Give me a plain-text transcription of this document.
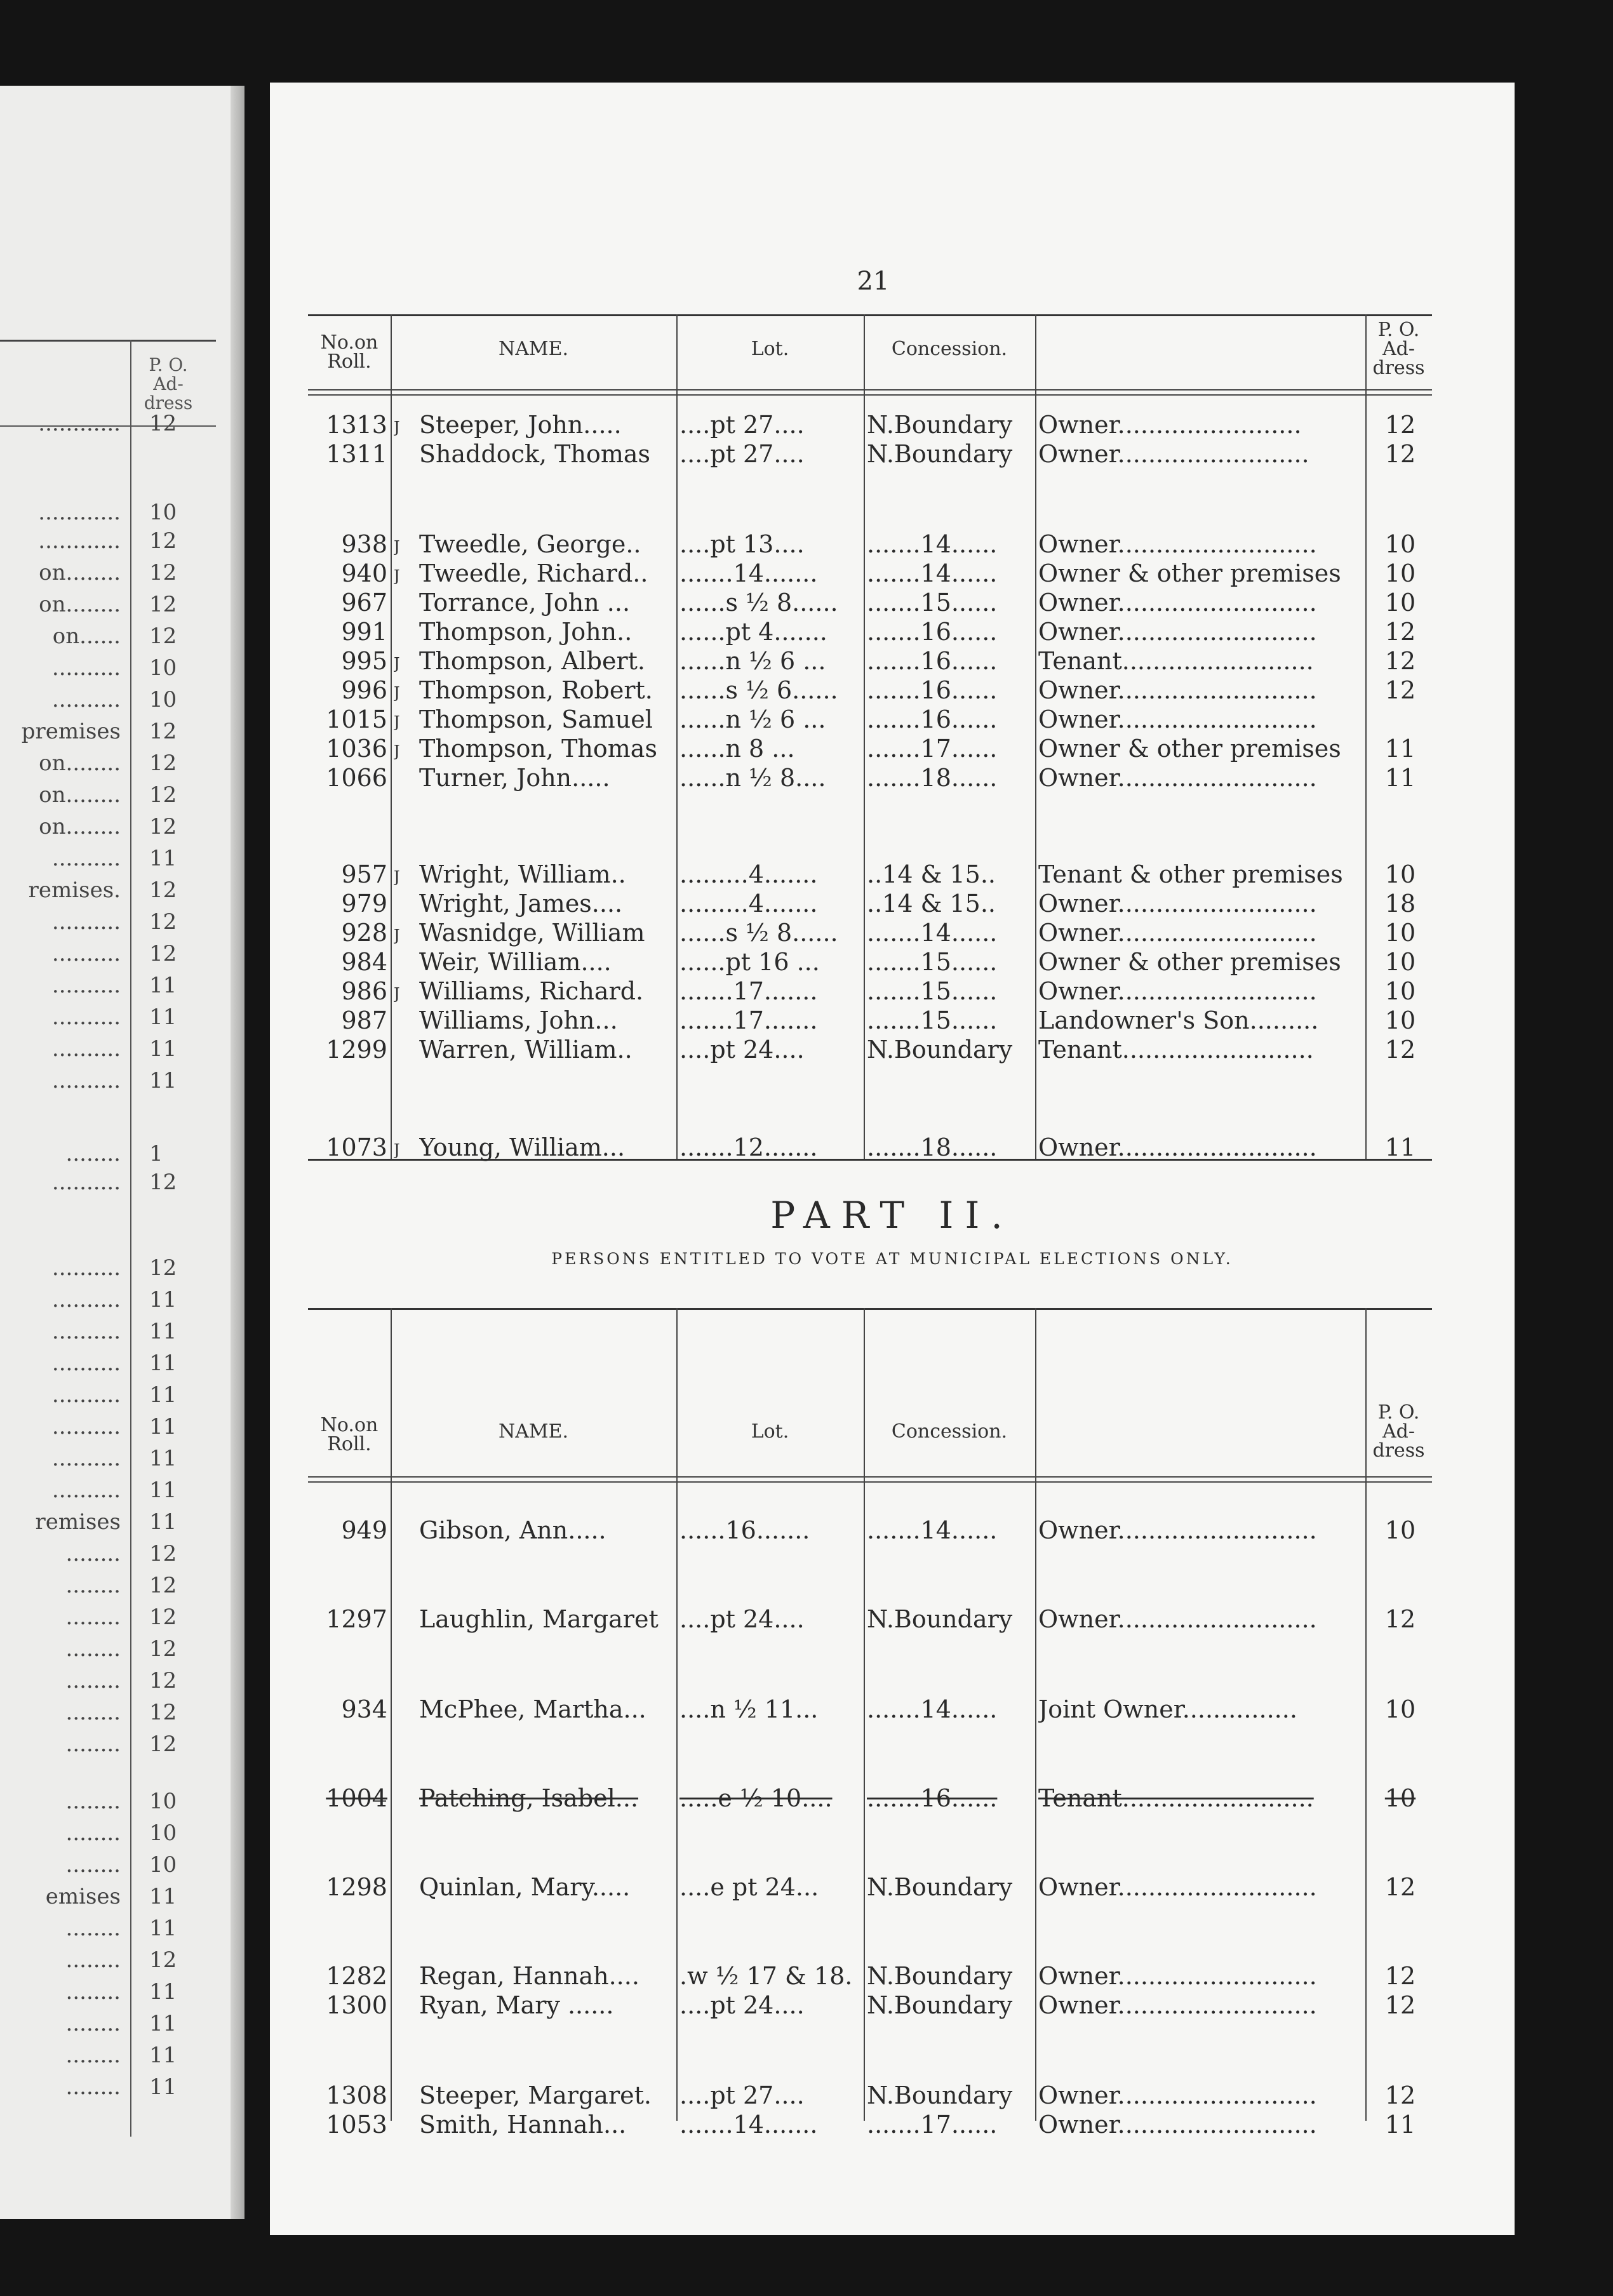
P. O.
Ad-
dress
............ 12
............ 10
............ 12
on........ 12
on........ 12
on...... 12
.......... 10
.......... 10
premises 12
on........ 12
on........ 12
on........ 12
.......... 11
remises. 12
.......... 12
.......... 12
.......... 11
.......... 11
.......... 11
.......... 11
........ 1
.......... 12
.......... 12
.......... 11
.......... 11
.......... 11
.......... 11
.......... 11
.......... 11
.......... 11
remises 11
........ 12
........ 12
........ 12
........ 12
........ 12
........ 12
........ 12
........ 10
........ 10
........ 10
emises 11
........ 11
........ 12
........ 11
........ 11
........ 11
........ 11
21
No.on Roll.
NAME.	Lot.	Concession.
P. O. Ad- dress
1313 J Steeper, John.....	....pt 27....	N.Boundary	Owner........................	12
1311 Shaddock, Thomas	....pt 27....	N.Boundary	Owner.........................	12
938 J Tweedle, George..	....pt 13....	.......14......	Owner..........................	10
940 J Tweedle, Richard..	.......14.......	.......14......	Owner & other premises	10
967 Torrance, John ...	......s ½ 8......	.......15......	Owner..........................	10
991 Thompson, John..	......pt 4.......	.......16......	Owner..........................	12
995 J Thompson, Albert.	......n ½ 6 ...	.......16......	Tenant.........................	12
996 J Thompson, Robert.	......s ½ 6......	.......16......	Owner..........................	12
1015 J Thompson, Samuel	......n ½ 6 ...	.......16......	Owner..........................
1036 J Thompson, Thomas ......n 8 ...	.......17......	Owner & other premises	11
1066 Turner, John.....	......n ½ 8....	.......18......	Owner..........................	11
957 J Wright, William..	.........4.......	..14 & 15..	Tenant & other premises	10
979 Wright, James....	.........4.......	..14 & 15..	Owner..........................	18
928 J Wasnidge, William	......s ½ 8......	.......14......	Owner..........................	10
984 Weir, William....	......pt 16 ...	.......15......	Owner & other premises	10
986 J Williams, Richard.	.......17.......	.......15......	Owner..........................	10
987 Williams, John...	.......17.......	.......15......	Landowner's Son.........	10
1299 Warren, William..	....pt 24....	N.Boundary	Tenant.........................	12
1073 J Young, William...	.......12.......	.......18......	Owner..........................	11
PART II.
PERSONS ENTITLED TO VOTE AT MUNICIPAL ELECTIONS ONLY.
No.on Roll.
NAME.	Lot.	Concession.
P. O. Ad- dress
949 Gibson, Ann.....	......16.......	.......14......	Owner..........................	10
1297 Laughlin, Margaret ....pt 24....	N.Boundary	Owner..........................	12
934 McPhee, Martha...	....n ½ 11...	.......14......	Joint Owner...............	10
1004 Patching, Isabel...	.....e ½ 10....	.......16......	Tenant.........................	10
1298 Quinlan, Mary.....	....e pt 24...	N.Boundary	Owner..........................	12
1282 Regan, Hannah....	.w ½ 17 & 18. N.Boundary	Owner..........................	12
1300 Ryan, Mary ......	....pt 24....	N.Boundary	Owner..........................	12
1308 Steeper, Margaret.	....pt 27....	N.Boundary	Owner..........................	12
1053 Smith, Hannah...	.......14.......	.......17......	Owner..........................	11
